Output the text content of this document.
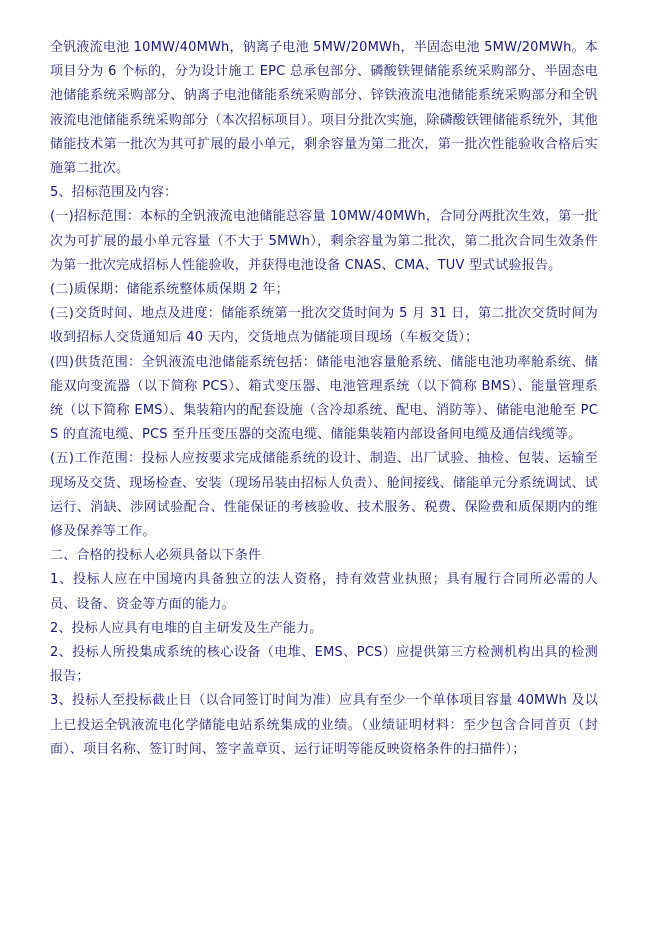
全钒液流电池 10MW/40MWh，钠离子电池 5MW/20MWh，半固态电池 5MW/20MWh。本项目分为 6 个标的，分为设计施工 EPC 总承包部分、磷酸铁锂储能系统采购部分、半固态电池储能系统采购部分、钠离子电池储能系统采购部分、锌铁液流电池储能系统采购部分和全钒液流电池储能系统采购部分（本次招标项目）。项目分批次实施，除磷酸铁锂储能系统外，其他储能技术第一批次为其可扩展的最小单元，剩余容量为第二批次，第一批次性能验收合格后实施第二批次。

5、招标范围及内容：

(一)招标范围：本标的全钒液流电池储能总容量 10MW/40MWh，合同分两批次生效，第一批次为可扩展的最小单元容量（不大于 5MWh），剩余容量为第二批次，第二批次合同生效条件为第一批次完成招标人性能验收，并获得电池设备 CNAS、CMA、TUV 型式试验报告。

(二)质保期：储能系统整体质保期 2 年；

(三)交货时间、地点及进度：储能系统第一批次交货时间为 5 月 31 日，第二批次交货时间为收到招标人交货通知后 40 天内，交货地点为储能项目现场（车板交货）；

(四)供货范围：全钒液流电池储能系统包括：储能电池容量舱系统、储能电池功率舱系统、储能双向变流器（以下简称 PCS）、箱式变压器、电池管理系统（以下简称 BMS）、能量管理系统（以下简称 EMS）、集装箱内的配套设施（含冷却系统、配电、消防等）、储能电池舱至 PCS 的直流电缆、PCS 至升压变压器的交流电缆、储能集装箱内部设备间电缆及通信线缆等。

(五)工作范围：投标人应按要求完成储能系统的设计、制造、出厂试验、抽检、包装、运输至现场及交货、现场检查、安装（现场吊装由招标人负责）、舱间接线、储能单元分系统调试、试运行、消缺、涉网试验配合、性能保证的考核验收、技术服务、税费、保险费和质保期内的维修及保养等工作。

二、合格的投标人必须具备以下条件

1、投标人应在中国境内具备独立的法人资格，持有效营业执照；具有履行合同所必需的人员、设备、资金等方面的能力。

2、投标人应具有电堆的自主研发及生产能力。

2、投标人所投集成系统的核心设备（电堆、EMS、PCS）应提供第三方检测机构出具的检测报告；

3、投标人至投标截止日（以合同签订时间为准）应具有至少一个单体项目容量 40MWh 及以上已投运全钒液流电化学储能电站系统集成的业绩。（业绩证明材料：至少包含合同首页（封面）、项目名称、签订时间、签字盖章页、运行证明等能反映资格条件的扫描件）；
